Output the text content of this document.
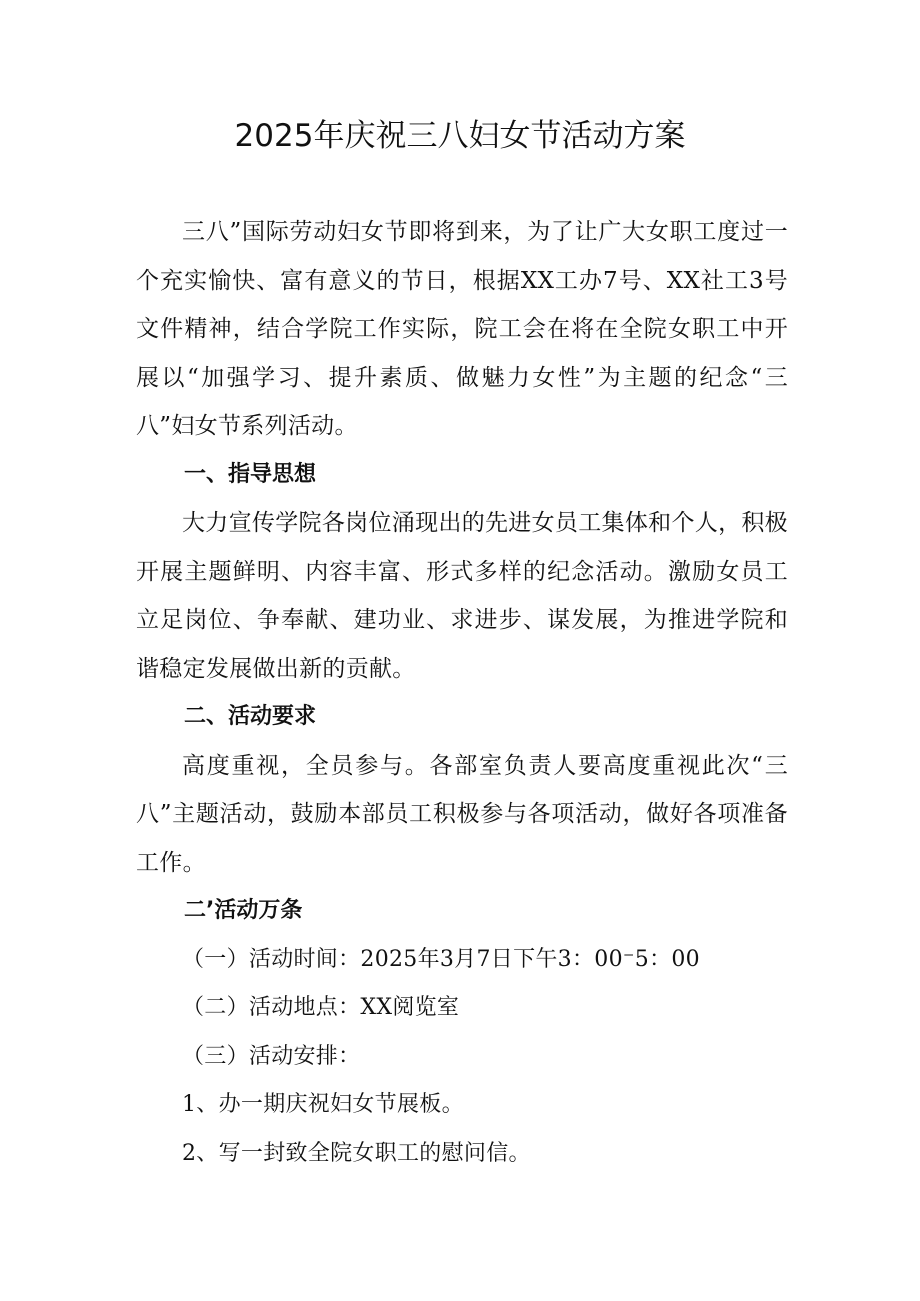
2025年庆祝三八妇女节活动方案

三八”国际劳动妇女节即将到来，为了让广大女职工度过一个充实愉快、富有意义的节日，根据XX工办7号、XX社工3号文件精神，结合学院工作实际，院工会在将在全院女职工中开展以“加强学习、提升素质、做魅力女性”为主题的纪念“三八”妇女节系列活动。

一、指导思想

大力宣传学院各岗位涌现出的先进女员工集体和个人，积极开展主题鲜明、内容丰富、形式多样的纪念活动。激励女员工立足岗位、争奉献、建功业、求进步、谋发展，为推进学院和谐稳定发展做出新的贡献。

二、活动要求

高度重视，全员参与。各部室负责人要高度重视此次“三八”主题活动，鼓励本部员工积极参与各项活动，做好各项准备工作。

二’活动万条

（一）活动时间：2025年3月7日下午3：00⁻5：00

（二）活动地点：XX阅览室

（三）活动安排：

1、办一期庆祝妇女节展板。

2、写一封致全院女职工的慰问信。
